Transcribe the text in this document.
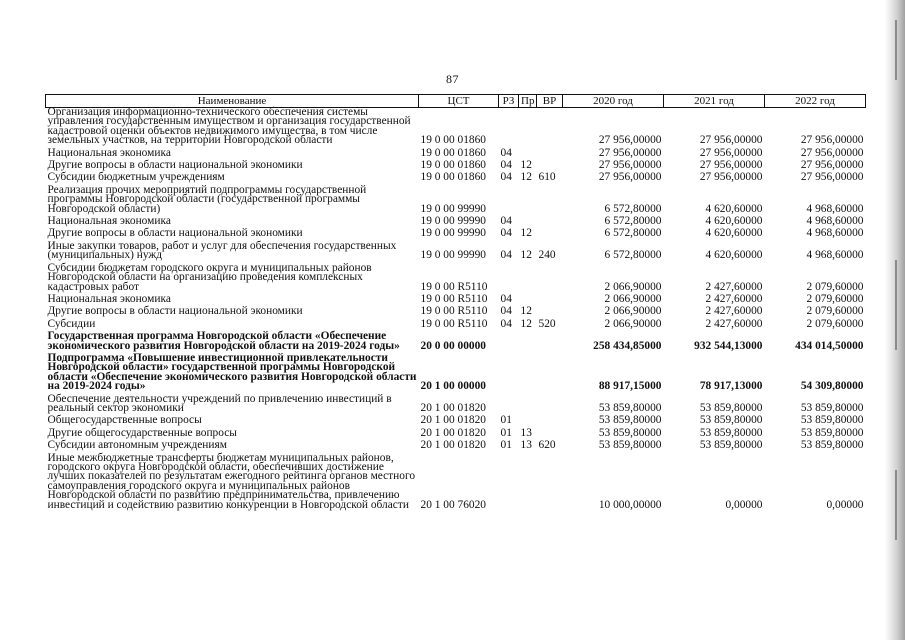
87
Наименование	ЦСТ	РЗ	Пр	ВР	2020 год	2021 год	2022 год
Организация информационно-технического обеспечения системы управления государственным имуществом и организация государственной кадастровой оценки объектов недвижимого имущества, в том числе земельных участков, на территории Новгородской области	19 0 00 01860				27 956,00000	27 956,00000	27 956,00000
Национальная экономика	19 0 00 01860	04			27 956,00000	27 956,00000	27 956,00000
Другие вопросы в области национальной экономики	19 0 00 01860	04	12		27 956,00000	27 956,00000	27 956,00000
Субсидии бюджетным учреждениям	19 0 00 01860	04	12	610	27 956,00000	27 956,00000	27 956,00000
Реализация прочих мероприятий подпрограммы государственной программы Новгородской области (государственной программы Новгородской области)	19 0 00 99990				6 572,80000	4 620,60000	4 968,60000
Национальная экономика	19 0 00 99990	04			6 572,80000	4 620,60000	4 968,60000
Другие вопросы в области национальной экономики	19 0 00 99990	04	12		6 572,80000	4 620,60000	4 968,60000
Иные закупки товаров, работ и услуг для обеспечения государственных (муниципальных) нужд	19 0 00 99990	04	12	240	6 572,80000	4 620,60000	4 968,60000
Субсидии бюджетам городского округа и муниципальных районов Новгородской области на организацию проведения комплексных кадастровых работ	19 0 00 R5110				2 066,90000	2 427,60000	2 079,60000
Национальная экономика	19 0 00 R5110	04			2 066,90000	2 427,60000	2 079,60000
Другие вопросы в области национальной экономики	19 0 00 R5110	04	12		2 066,90000	2 427,60000	2 079,60000
Субсидии	19 0 00 R5110	04	12	520	2 066,90000	2 427,60000	2 079,60000
Государственная программа Новгородской области «Обеспечение экономического развития Новгородской области на 2019-2024 годы»	20 0 00 00000				258 434,85000	932 544,13000	434 014,50000
Подпрограмма «Повышение инвестиционной привлекательности Новгородской области» государственной программы Новгородской области «Обеспечение экономического развития Новгородской области на 2019-2024 годы»	20 1 00 00000				88 917,15000	78 917,13000	54 309,80000
Обеспечение деятельности учреждений по привлечению инвестиций в реальный сектор экономики	20 1 00 01820				53 859,80000	53 859,80000	53 859,80000
Общегосударственные вопросы	20 1 00 01820	01			53 859,80000	53 859,80000	53 859,80000
Другие общегосударственные вопросы	20 1 00 01820	01	13		53 859,80000	53 859,80000	53 859,80000
Субсидии автономным учреждениям	20 1 00 01820	01	13	620	53 859,80000	53 859,80000	53 859,80000
Иные межбюджетные трансферты бюджетам муниципальных районов, городского округа Новгородской области, обеспечивших достижение лучших показателей по результатам ежегодного рейтинга органов местного самоуправления городского округа и муниципальных районов Новгородской области по развитию предпринимательства, привлечению инвестиций и содействию развитию конкуренции в Новгородской области	20 1 00 76020				10 000,00000	0,00000	0,00000
